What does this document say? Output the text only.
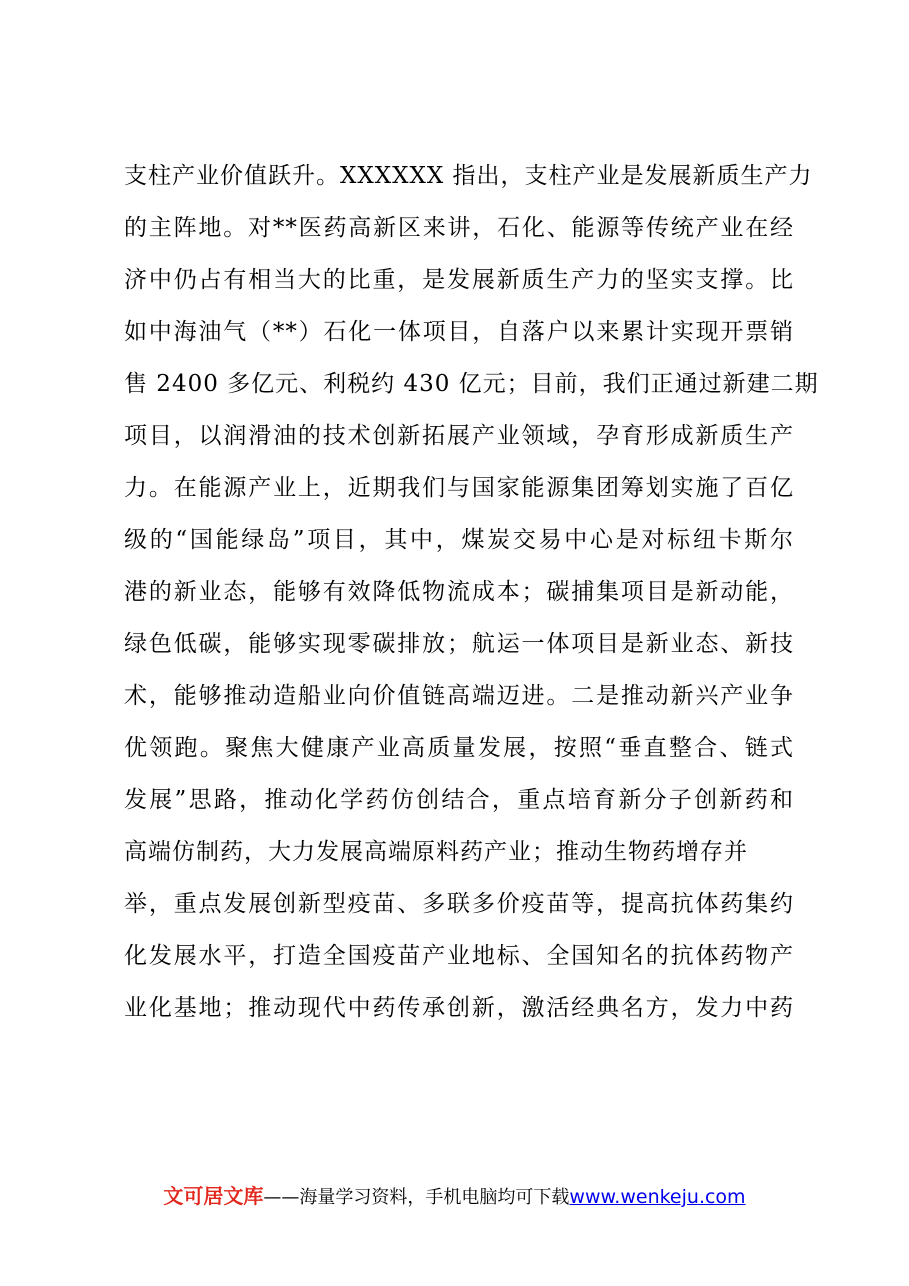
支柱产业价值跃升。XXXXXX 指出，支柱产业是发展新质生产力
的主阵地。对**医药高新区来讲，石化、能源等传统产业在经
济中仍占有相当大的比重，是发展新质生产力的坚实支撑。比
如中海油气（**）石化一体项目，自落户以来累计实现开票销
售 2400 多亿元、利税约 430 亿元；目前，我们正通过新建二期
项目，以润滑油的技术创新拓展产业领域，孕育形成新质生产
力。在能源产业上，近期我们与国家能源集团筹划实施了百亿
级的“国能绿岛”项目，其中，煤炭交易中心是对标纽卡斯尔
港的新业态，能够有效降低物流成本；碳捕集项目是新动能，
绿色低碳，能够实现零碳排放；航运一体项目是新业态、新技
术，能够推动造船业向价值链高端迈进。二是推动新兴产业争
优领跑。聚焦大健康产业高质量发展，按照“垂直整合、链式
发展”思路，推动化学药仿创结合，重点培育新分子创新药和
高端仿制药，大力发展高端原料药产业；推动生物药增存并
举，重点发展创新型疫苗、多联多价疫苗等，提高抗体药集约
化发展水平，打造全国疫苗产业地标、全国知名的抗体药物产
业化基地；推动现代中药传承创新，激活经典名方，发力中药
文可居文库——海量学习资料，手机电脑均可下载www.wenkeju.com
